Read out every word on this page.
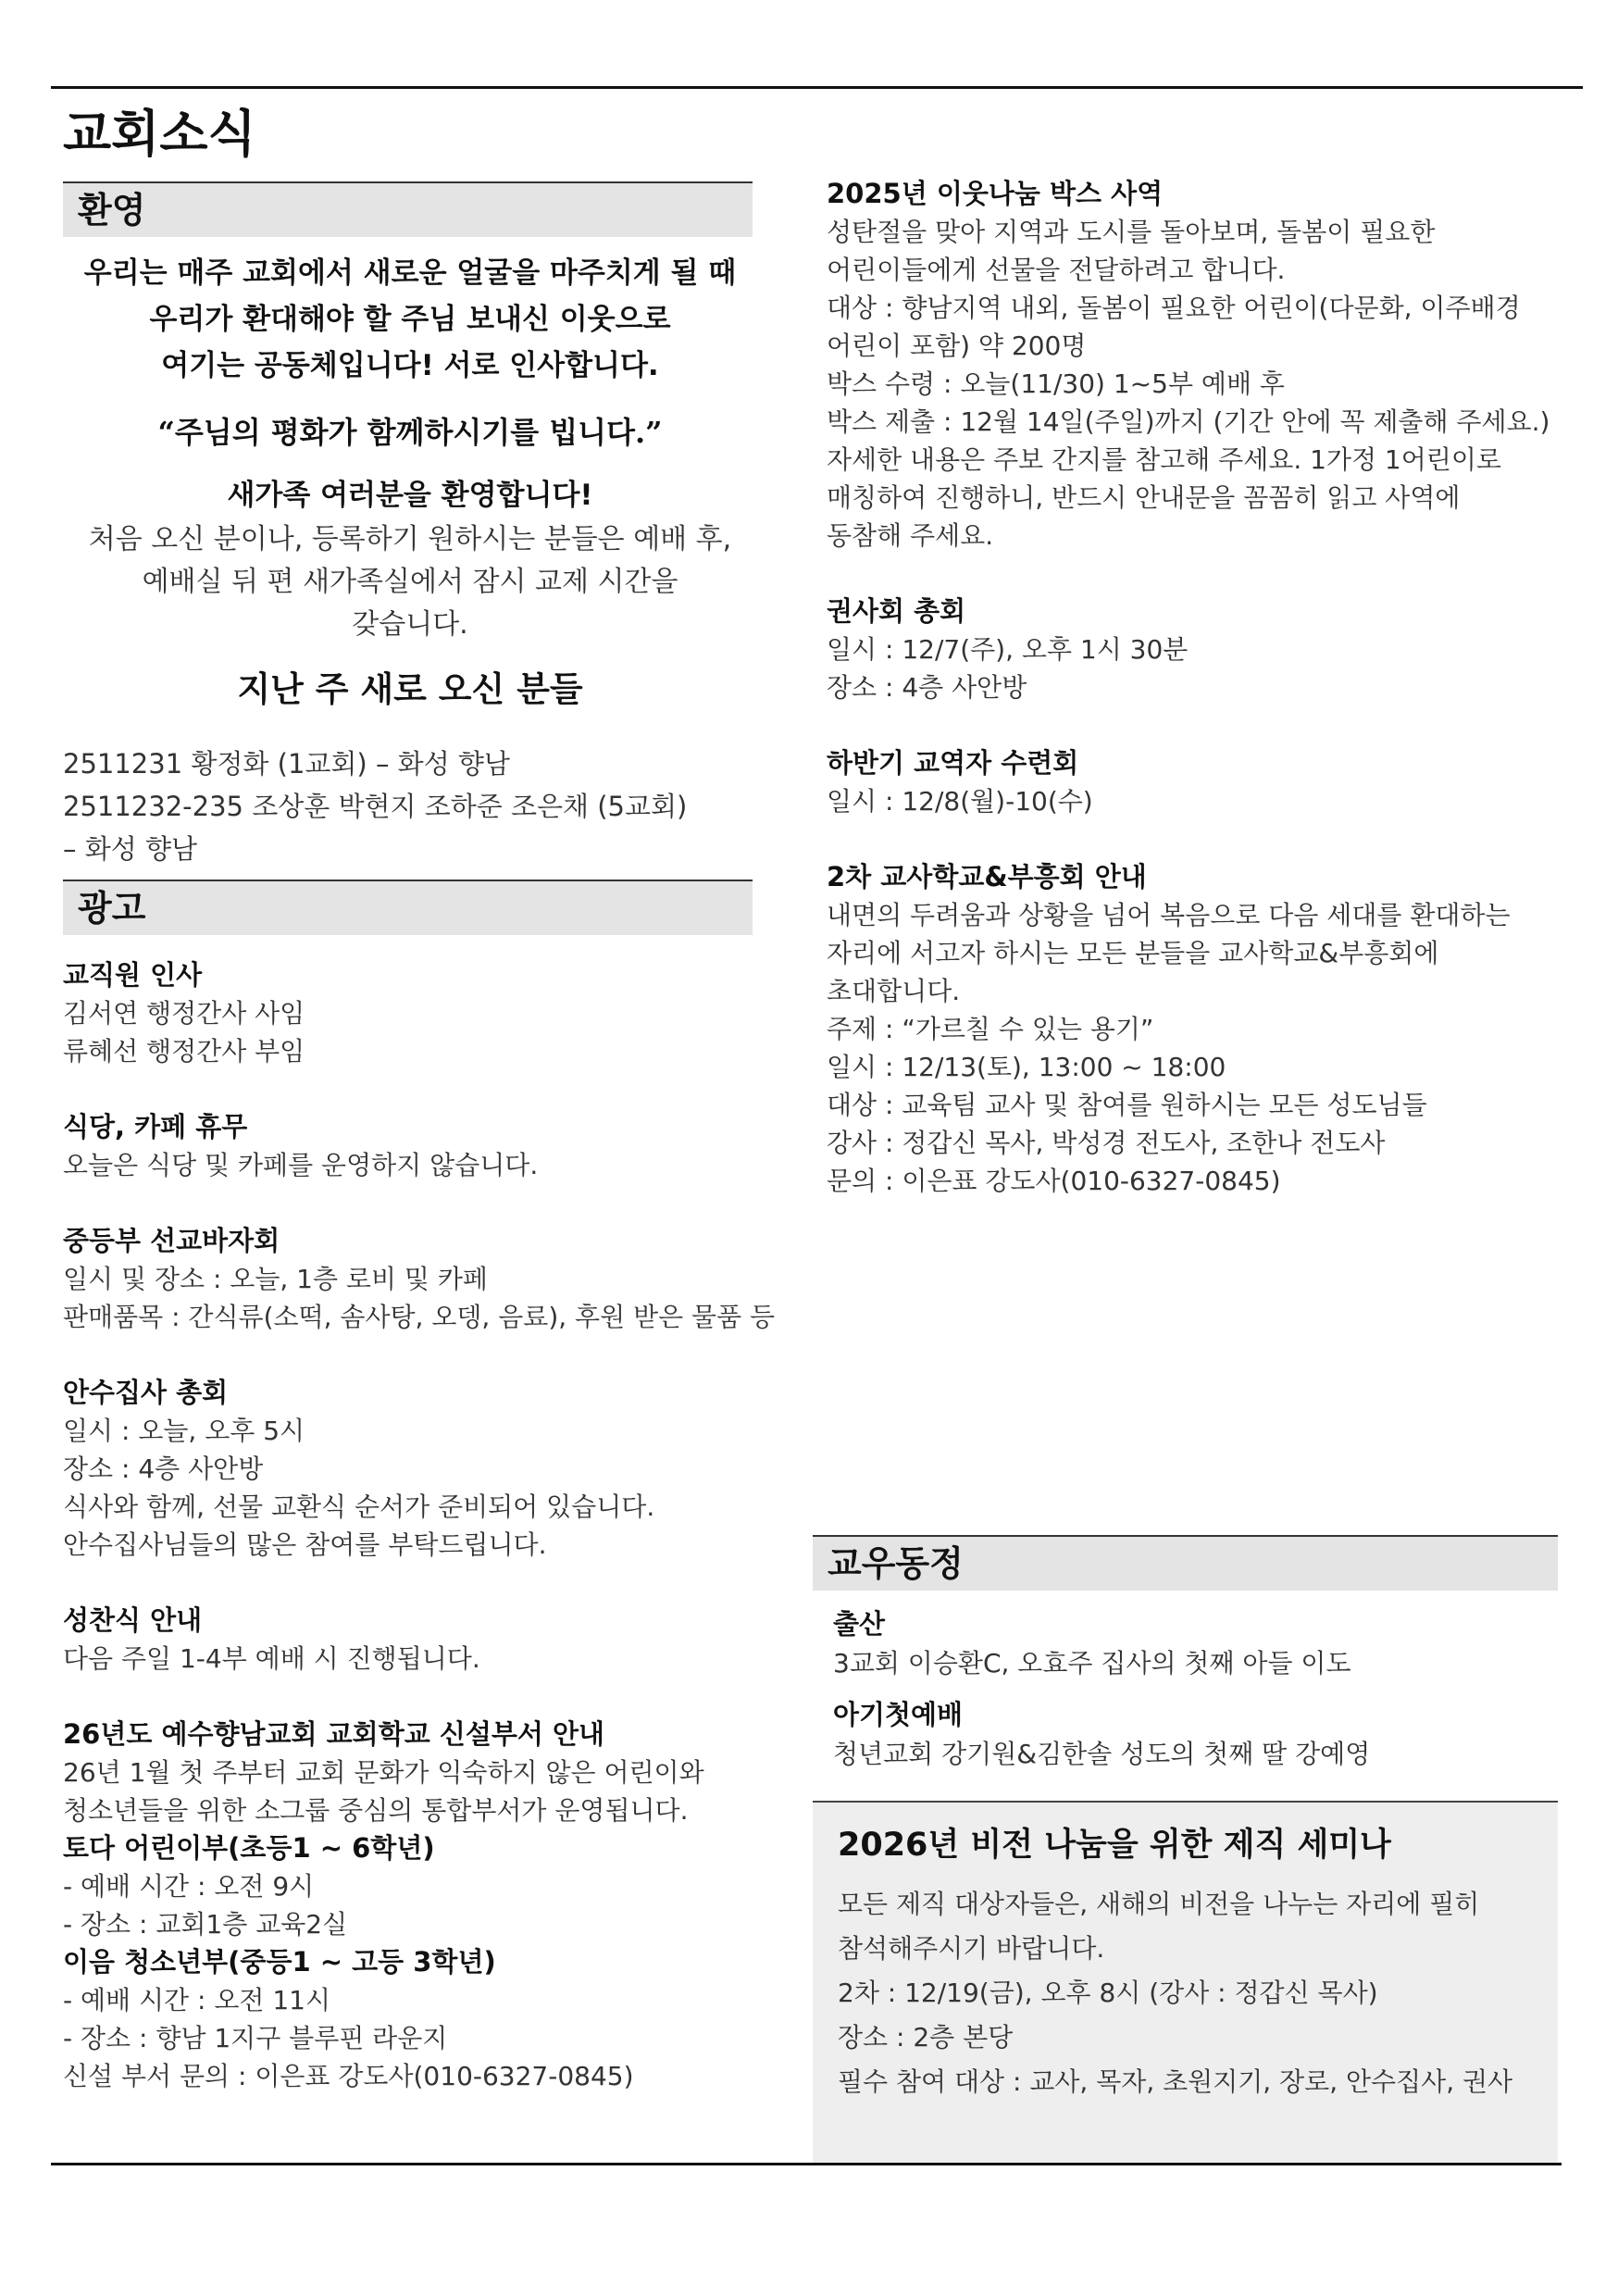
교회소식
환영
우리는 매주 교회에서 새로운 얼굴을 마주치게 될 때
우리가 환대해야 할 주님 보내신 이웃으로
여기는 공동체입니다! 서로 인사합니다.
“주님의 평화가 함께하시기를 빕니다.”
새가족 여러분을 환영합니다!
처음 오신 분이나, 등록하기 원하시는 분들은 예배 후,
예배실 뒤 편 새가족실에서 잠시 교제 시간을
갖습니다.
지난 주 새로 오신 분들
2511231 황정화 (1교회) – 화성 향남
2511232-235 조상훈 박현지 조하준 조은채 (5교회)
– 화성 향남
광고
교직원 인사
김서연 행정간사 사임
류혜선 행정간사 부임
식당, 카페 휴무
오늘은 식당 및 카페를 운영하지 않습니다.
중등부 선교바자회
일시 및 장소 : 오늘, 1층 로비 및 카페
판매품목 : 간식류(소떡, 솜사탕, 오뎅, 음료), 후원 받은 물품 등
안수집사 총회
일시 : 오늘, 오후 5시
장소 : 4층 사안방
식사와 함께, 선물 교환식 순서가 준비되어 있습니다.
안수집사님들의 많은 참여를 부탁드립니다.
성찬식 안내
다음 주일 1-4부 예배 시 진행됩니다.
26년도 예수향남교회 교회학교 신설부서 안내
26년 1월 첫 주부터 교회 문화가 익숙하지 않은 어린이와
청소년들을 위한 소그룹 중심의 통합부서가 운영됩니다.
토다 어린이부(초등1 ~ 6학년)
- 예배 시간 : 오전 9시
- 장소 : 교회1층 교육2실
이음 청소년부(중등1 ~ 고등 3학년)
- 예배 시간 : 오전 11시
- 장소 : 향남 1지구 블루핀 라운지
신설 부서 문의 : 이은표 강도사(010-6327-0845)
2025년 이웃나눔 박스 사역
성탄절을 맞아 지역과 도시를 돌아보며, 돌봄이 필요한
어린이들에게 선물을 전달하려고 합니다.
대상 : 향남지역 내외, 돌봄이 필요한 어린이(다문화, 이주배경
어린이 포함) 약 200명
박스 수령 : 오늘(11/30) 1~5부 예배 후
박스 제출 : 12월 14일(주일)까지 (기간 안에 꼭 제출해 주세요.)
자세한 내용은 주보 간지를 참고해 주세요. 1가정 1어린이로
매칭하여 진행하니, 반드시 안내문을 꼼꼼히 읽고 사역에
동참해 주세요.
권사회 총회
일시 : 12/7(주), 오후 1시 30분
장소 : 4층 사안방
하반기 교역자 수련회
일시 : 12/8(월)-10(수)
2차 교사학교&부흥회 안내
내면의 두려움과 상황을 넘어 복음으로 다음 세대를 환대하는
자리에 서고자 하시는 모든 분들을 교사학교&부흥회에
초대합니다.
주제 : “가르칠 수 있는 용기”
일시 : 12/13(토), 13:00 ~ 18:00
대상 : 교육팀 교사 및 참여를 원하시는 모든 성도님들
강사 : 정갑신 목사, 박성경 전도사, 조한나 전도사
문의 : 이은표 강도사(010-6327-0845)
교우동정
출산
3교회 이승환C, 오효주 집사의 첫째 아들 이도
아기첫예배
청년교회 강기원&김한솔 성도의 첫째 딸 강예영
2026년 비전 나눔을 위한 제직 세미나
모든 제직 대상자들은, 새해의 비전을 나누는 자리에 필히
참석해주시기 바랍니다.
2차 : 12/19(금), 오후 8시 (강사 : 정갑신 목사)
장소 : 2층 본당
필수 참여 대상 : 교사, 목자, 초원지기, 장로, 안수집사, 권사
